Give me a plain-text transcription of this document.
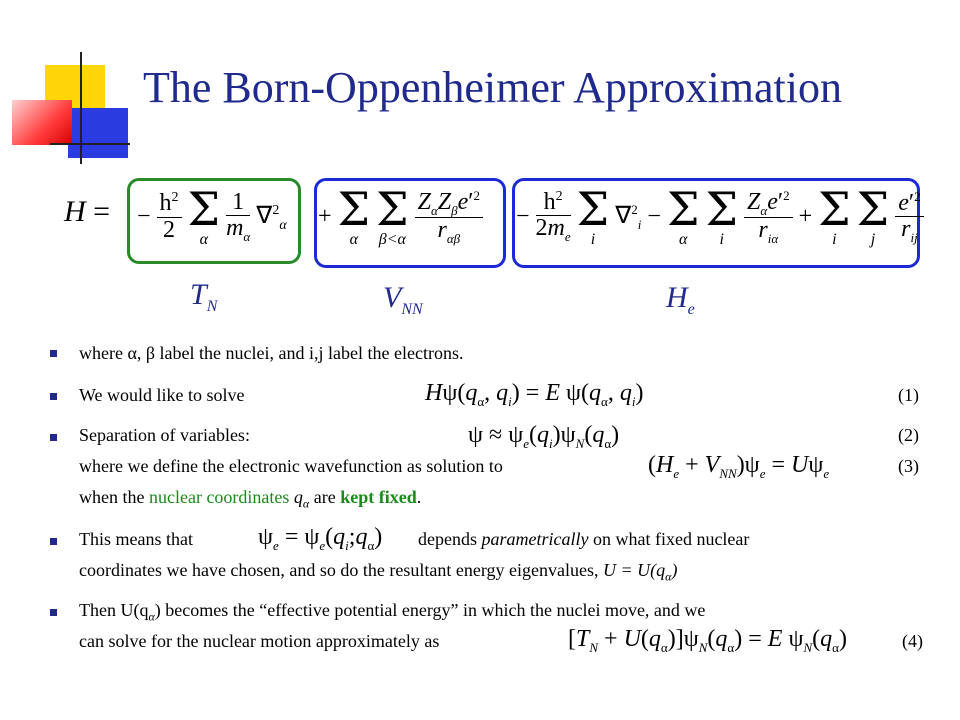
The Born-Oppenheimer Approximation
H = − $\frac{h^2}{2}$
Σ
α
$\frac{1}{m_\alpha} \nabla^2_\alpha + \Sigma$
α

Σ
β<α
$\frac{Z_\alpha Z_\beta e'^2}{r_{\alpha\beta}} - \frac{h^2}{2m_e}$
Σ
i
∇$^2_i$ − Σ
α

Σ
i
$\frac{Z_\alpha e'^2}{r_{i\alpha}} + \Sigma$
i

Σ
j
$\frac{e'^2}{r_{ij}}$
$T_N$	$V_{NN}$	$H_e$
where α, β label the nuclei, and i,j label the electrons.
We would like to solve	$H\psi(q_\alpha$, $q_i) = E$ $\psi(q_\alpha$, $q_i$)	(1)
Separation of variables:	$\psi \approx \psi_e(q_i)\psi_N(q_\alpha)$	(2)
where we define the electronic wavefunction as solution to	$(H_e + V_{NN})\psi_e = U\psi_e$	(3)
when the nuclear coordinates $q_\alpha$ are kept fixed.
This means that	$\psi_e$ = $\psi_e(q_i;q_\alpha)$ depends parametrically on what fixed nuclear
coordinates we have chosen, and so do the resultant energy eigenvalues, $U = U(q_\alpha)$
Then $U(q_\alpha)$ becomes the “effective potential energy” in which the nuclei move, and we
can solve for the nuclear motion approximately as	$[T_N + U(q_\alpha)]\psi_N(q_\alpha) = E$ $\psi_N(q_\alpha)$	(4)
